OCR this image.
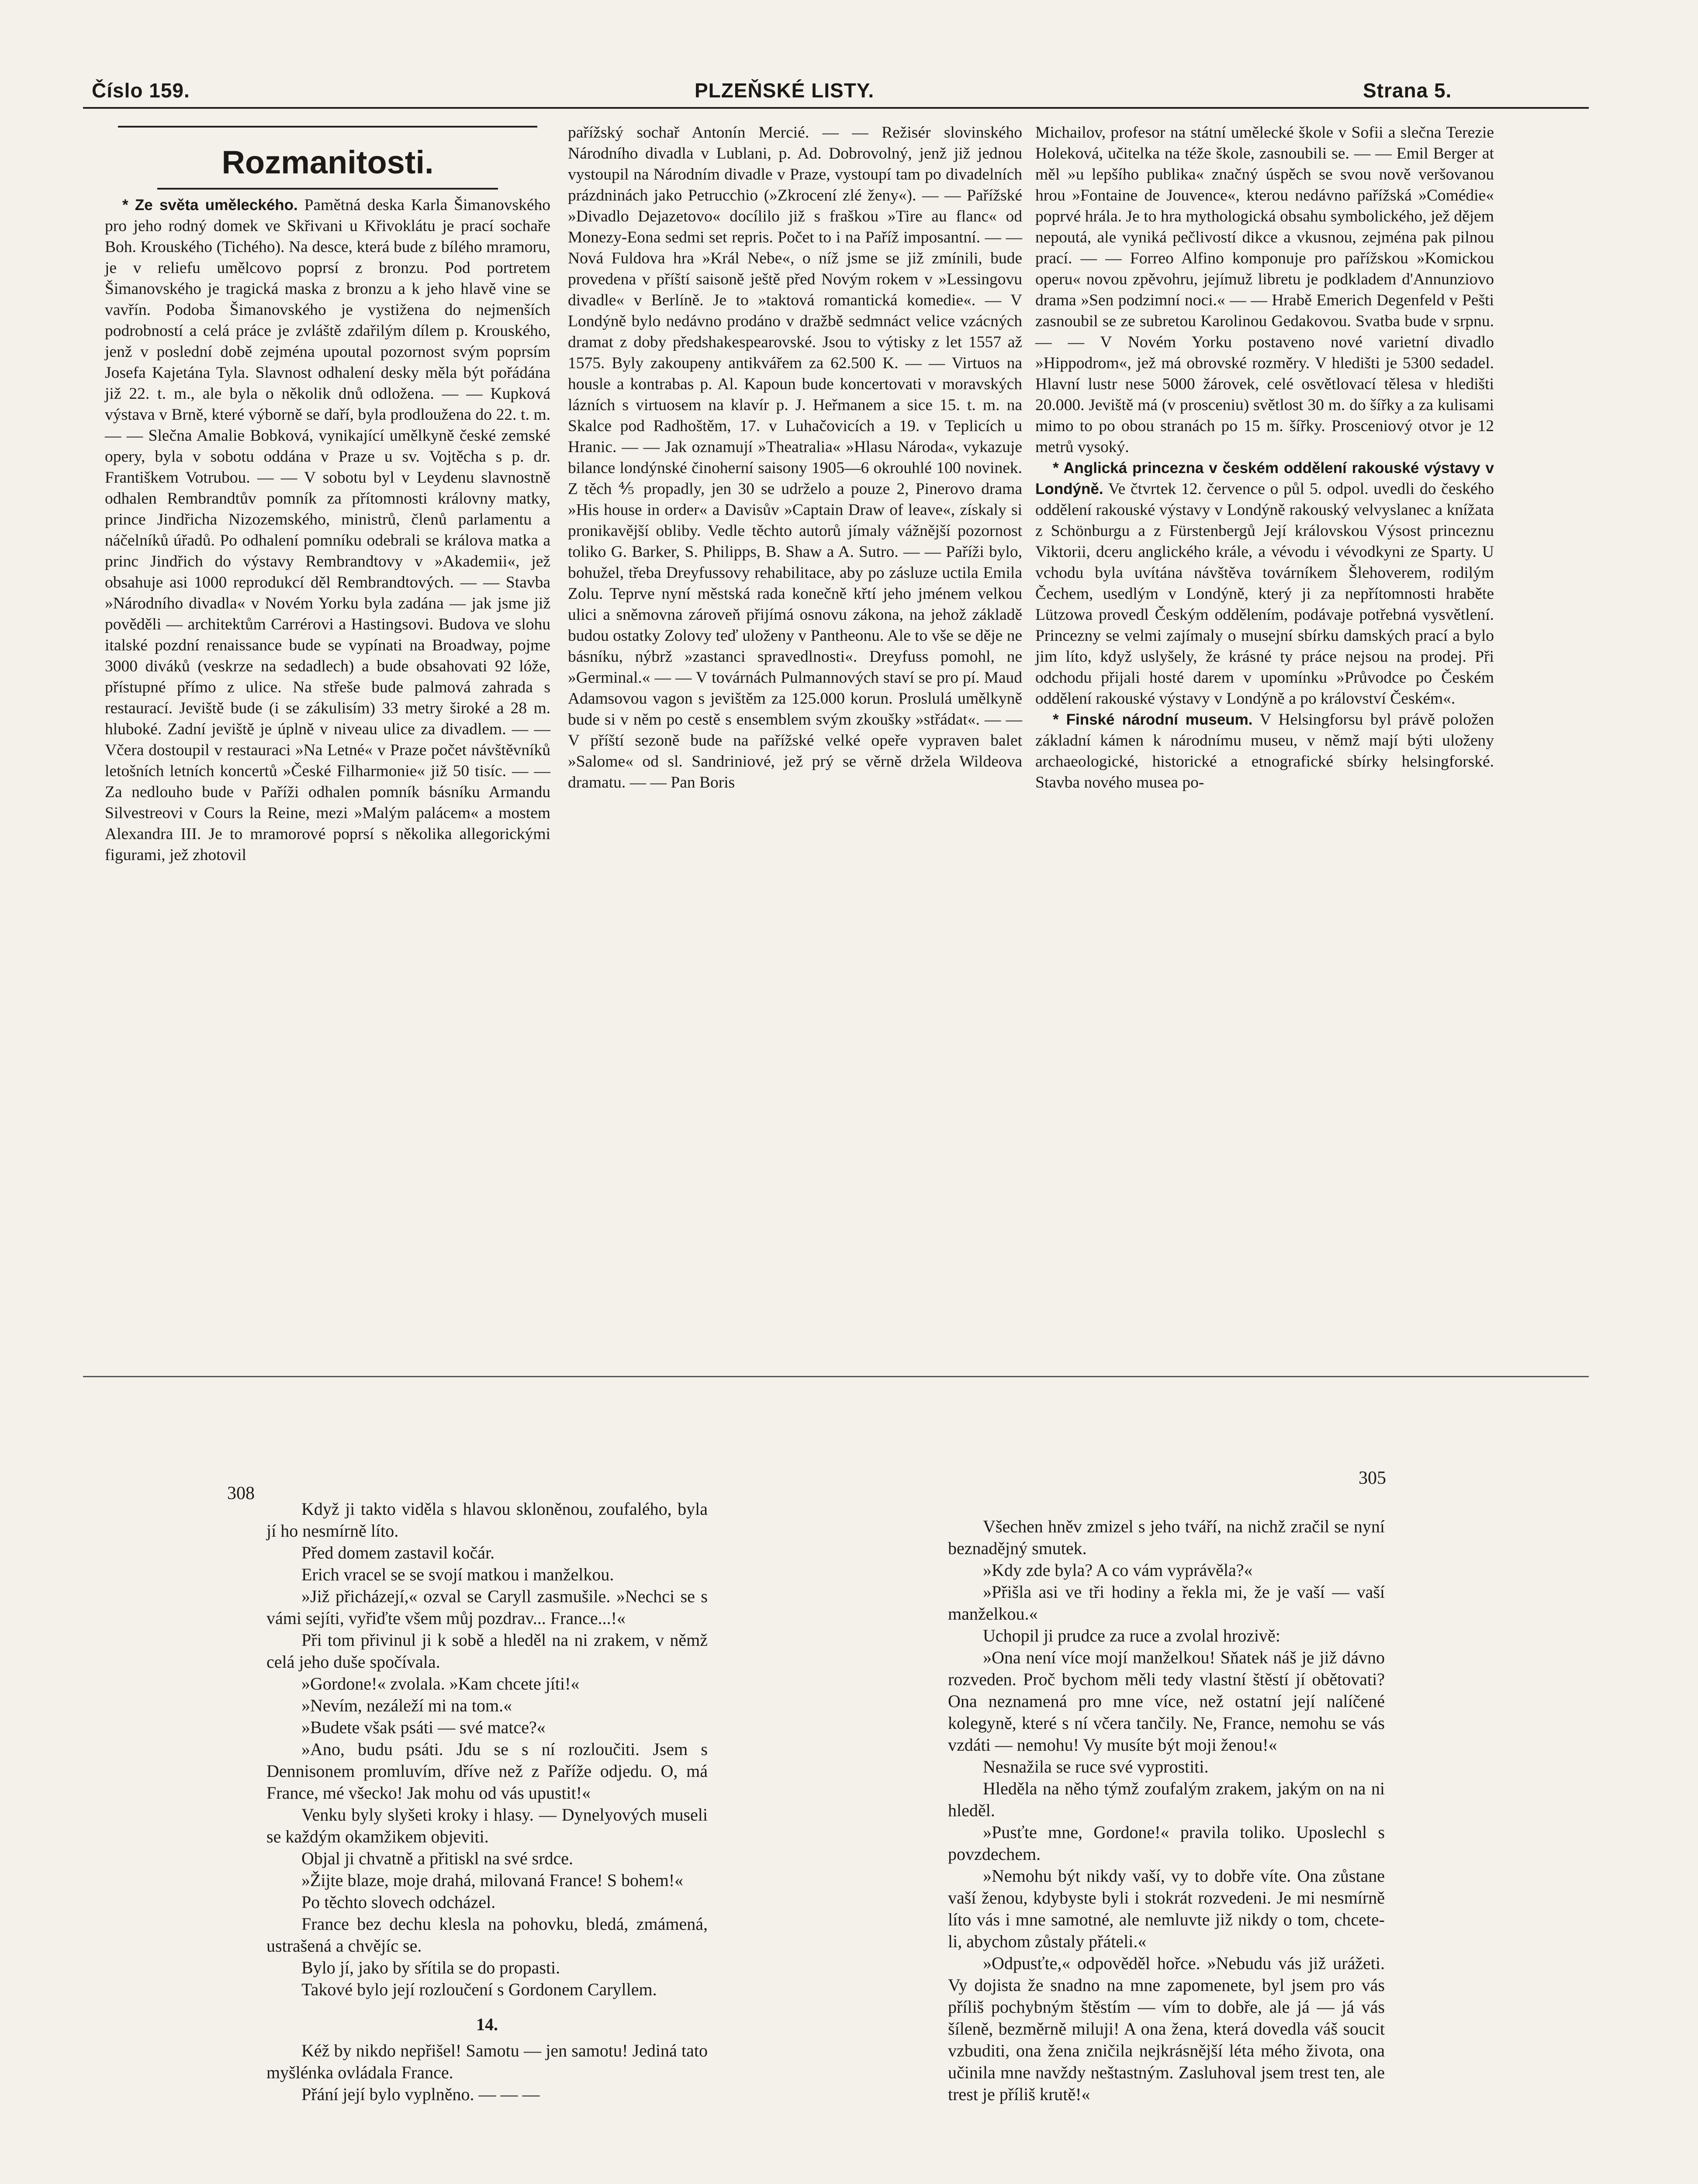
Číslo 159.	PLZEŇSKÉ LISTY.	Strana 5.
Rozmanitosti.

* Ze světa uměleckého. Pamětná deska Karla Šimanovského pro jeho rodný domek ve Skřivani u Křivoklátu je prací sochaře Boh. Krouského (Tichého). Na desce, která bude z bílého mramoru, je v reliefu umělcovo poprsí z bronzu. Pod portretem Šimanovského je tragická maska z bronzu a k jeho hlavě vine se vavřín. Podoba Šimanovského je vystižena do nejmenších podrobností a celá práce je zvláště zdařilým dílem p. Krouského, jenž v poslední době zejména upoutal pozornost svým poprsím Josefa Kajetána Tyla. Slavnost odhalení desky měla být pořádána již 22. t. m., ale byla o několik dnů odložena. — — Kupková výstava v Brně, které výborně se daří, byla prodloužena do 22. t. m. — — Slečna Amalie Bobková, vynikající umělkyně české zemské opery, byla v sobotu oddána v Praze u sv. Vojtěcha s p. dr. Františkem Votrubou. — — V sobotu byl v Leydenu slavnostně odhalen Rembrandtův pomník za přítomnosti královny matky, prince Jindřicha Nizozemského, ministrů, členů parlamentu a náčelníků úřadů. Po odhalení pomníku odebrali se králova matka a princ Jindřich do výstavy Rembrandtovy v »Akademii«, jež obsahuje asi 1000 reprodukcí děl Rembrandtových. — — Stavba »Národního divadla« v Novém Yorku byla zadána — jak jsme již pověděli — architektům Carrérovi a Hastingsovi. Budova ve slohu italské pozdní renaissance bude se vypínati na Broadway, pojme 3000 diváků (veskrze na sedadlech) a bude obsahovati 92 lóže, přístupné přímo z ulice. Na střeše bude palmová zahrada s restaurací. Jeviště bude (i se zákulisím) 33 metry široké a 28 m. hluboké. Zadní jeviště je úplně v niveau ulice za divadlem. — — Včera dostoupil v restauraci »Na Letné« v Praze počet návštěvníků letošních letních koncertů »České Filharmonie« již 50 tisíc. — — Za nedlouho bude v Paříži odhalen pomník básníku Armandu Silvestreovi v Cours la Reine, mezi »Malým palácem« a mostem Alexandra III. Je to mramorové poprsí s několika allegorickými figurami, jež zhotovil

pařížský sochař Antonín Mercié. — — Režisér slovinského Národního divadla v Lublani, p. Ad. Dobrovolný, jenž již jednou vystoupil na Národním divadle v Praze, vystoupí tam po divadelních prázdninách jako Petrucchio (»Zkrocení zlé ženy«). — — Pařížské »Divadlo Dejazetovo« docílilo již s fraškou »Tire au flanc« od Monezy-Eona sedmi set repris. Počet to i na Paříž imposantní. — — Nová Fuldova hra »Král Nebe«, o níž jsme se již zmínili, bude provedena v příští saisoně ještě před Novým rokem v »Lessingovu divadle« v Berlíně. Je to »taktová romantická komedie«. — V Londýně bylo nedávno prodáno v dražbě sedmnáct velice vzácných dramat z doby předshakespearovské. Jsou to výtisky z let 1557 až 1575. Byly zakoupeny antikvářem za 62.500 K. — — Virtuos na housle a kontrabas p. Al. Kapoun bude koncertovati v moravských lázních s virtuosem na klavír p. J. Heřmanem a sice 15. t. m. na Skalce pod Radhoštěm, 17. v Luhačovicích a 19. v Teplicích u Hranic. — — Jak oznamují »Theatralia« »Hlasu Národa«, vykazuje bilance londýnské činoherní saisony 1905—6 okrouhlé 100 novinek. Z těch ⅘ propadly, jen 30 se udrželo a pouze 2, Pinerovo drama »His house in order« a Davisův »Captain Draw of leave«, získaly si pronikavější obliby. Vedle těchto autorů jímaly vážnější pozornost toliko G. Barker, S. Philipps, B. Shaw a A. Sutro. — — Paříži bylo, bohužel, třeba Dreyfussovy rehabilitace, aby po zásluze uctila Emila Zolu. Teprve nyní městská rada konečně křtí jeho jménem velkou ulici a sněmovna zároveň přijímá osnovu zákona, na jehož základě budou ostatky Zolovy teď uloženy v Pantheonu. Ale to vše se děje ne básníku, nýbrž »zastanci spravedlnosti«. Dreyfuss pomohl, ne »Germinal.« — — V továrnách Pulmannových staví se pro pí. Maud Adamsovou vagon s jevištěm za 125.000 korun. Proslulá umělkyně bude si v něm po cestě s ensemblem svým zkoušky »střádat«. — — V příští sezoně bude na pařížské velké opeře vypraven balet »Salome« od sl. Sandriniové, jež prý se věrně držela Wildeova dramatu. — — Pan Boris

Michailov, profesor na státní umělecké škole v Sofii a slečna Terezie Holeková, učitelka na téže škole, zasnoubili se. — — Emil Berger at měl »u lepšího publika« značný úspěch se svou nově veršovanou hrou »Fontaine de Jouvence«, kterou nedávno pařížská »Comédie« poprvé hrála. Je to hra mythologická obsahu symbolického, jež dějem nepoutá, ale vyniká pečlivostí dikce a vkusnou, zejména pak pilnou prací. — — Forreo Alfino komponuje pro pařížskou »Komickou operu« novou zpěvohru, jejímuž libretu je podkladem d'Annunziovo drama »Sen podzimní noci.« — — Hrabě Emerich Degenfeld v Pešti zasnoubil se ze subretou Karolinou Gedakovou. Svatba bude v srpnu. — — V Novém Yorku postaveno nové varietní divadlo »Hippodrom«, jež má obrovské rozměry. V hledišti je 5300 sedadel. Hlavní lustr nese 5000 žárovek, celé osvětlovací tělesa v hledišti 20.000. Jeviště má (v prosceniu) světlost 30 m. do šířky a za kulisami mimo to po obou stranách po 15 m. šířky. Prosceniový otvor je 12 metrů vysoký.

* Anglická princezna v českém oddělení rakouské výstavy v Londýně. Ve čtvrtek 12. července o půl 5. odpol. uvedli do českého oddělení rakouské výstavy v Londýně rakouský velvyslanec a knížata z Schönburgu a z Fürstenbergů Její královskou Výsost princeznu Viktorii, dceru anglického krále, a vévodu i vévodkyni ze Sparty. U vchodu byla uvítána návštěva továrníkem Šlehoverem, rodilým Čechem, usedlým v Londýně, který ji za nepřítomnosti hraběte Lützowa provedl Českým oddělením, podávaje potřebná vysvětlení. Princezny se velmi zajímaly o musejní sbírku damských prací a bylo jim líto, když uslyšely, že krásné ty práce nejsou na prodej. Při odchodu přijali hosté darem v upomínku »Průvodce po Českém oddělení rakouské výstavy v Londýně a po království Českém«.

* Finské národní museum. V Helsingforsu byl právě položen základní kámen k národnímu museu, v němž mají býti uloženy archaeologické, historické a etnografické sbírky helsingforské. Stavba nového musea po-

308
305

Když ji takto viděla s hlavou skloněnou, zoufalého, byla jí ho nesmírně líto.

Před domem zastavil kočár.

Erich vracel se se svojí matkou i manželkou.

»Již přicházejí,« ozval se Caryll zasmušile. »Nechci se s vámi sejíti, vyřiďte všem můj pozdrav... France...!«

Při tom přivinul ji k sobě a hleděl na ni zrakem, v němž celá jeho duše spočívala.

»Gordone!« zvolala. »Kam chcete jíti!«

»Nevím, nezáleží mi na tom.«

»Budete však psáti — své matce?«

»Ano, budu psáti. Jdu se s ní rozloučiti. Jsem s Dennisonem promluvím, dříve než z Paříže odjedu. O, má France, mé všecko! Jak mohu od vás upustit!«

Venku byly slyšeti kroky i hlasy. — Dynelyových museli se každým okamžikem objeviti.

Objal ji chvatně a přitiskl na své srdce.

»Žijte blaze, moje drahá, milovaná France! S bohem!«

Po těchto slovech odcházel.

France bez dechu klesla na pohovku, bledá, zmámená, ustrašená a chvějíc se.

Bylo jí, jako by sřítila se do propasti.

Takové bylo její rozloučení s Gordonem Caryllem.

14.

Kéž by nikdo nepřišel! Samotu — jen samotu! Jediná tato myšlénka ovládala France.

Přání její bylo vyplněno. — — —

Všechen hněv zmizel s jeho tváří, na nichž zračil se nyní beznadějný smutek.

»Kdy zde byla? A co vám vyprávěla?«

»Přišla asi ve tři hodiny a řekla mi, že je vaší — vaší manželkou.«

Uchopil ji prudce za ruce a zvolal hrozivě:

»Ona není více mojí manželkou! Sňatek náš je již dávno rozveden. Proč bychom měli tedy vlastní štěstí jí obětovati? Ona neznamená pro mne více, než ostatní její nalíčené kolegyně, které s ní včera tančily. Ne, France, nemohu se vás vzdáti — nemohu! Vy musíte být moji ženou!«

Nesnažila se ruce své vyprostiti.

Hleděla na něho týmž zoufalým zrakem, jakým on na ni hleděl.

»Pusťte mne, Gordone!« pravila toliko. Uposlechl s povzdechem.

»Nemohu být nikdy vaší, vy to dobře víte. Ona zůstane vaší ženou, kdybyste byli i stokrát rozvedeni. Je mi nesmírně líto vás i mne samotné, ale nemluvte již nikdy o tom, chcete-li, abychom zůstaly přáteli.«

»Odpusťte,« odpověděl hořce. »Nebudu vás již urážeti. Vy dojista že snadno na mne zapomenete, byl jsem pro vás příliš pochybným štěstím — vím to dobře, ale já — já vás šíleně, bezměrně miluji! A ona žena, která dovedla váš soucit vzbuditi, ona žena zničila nejkrásnější léta mého života, ona učinila mne navždy neštastným. Zasluhoval jsem trest ten, ale trest je příliš krutě!«
